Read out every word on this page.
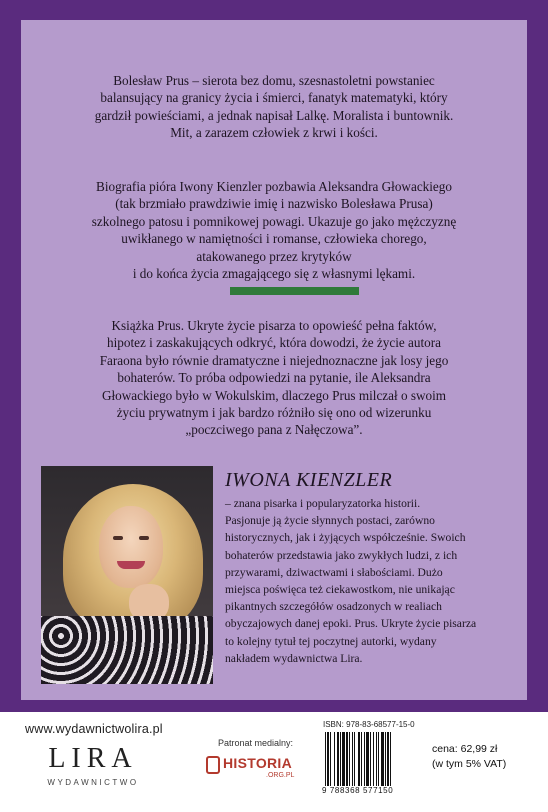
Bolesław Prus – sierota bez domu, szesnastoletni powstaniec
balansujący na granicy życia i śmierci, fanatyk matematyki, który
gardził powieściami, a jednak napisał Lalkę. Moralista i buntownik.
Mit, a zarazem człowiek z krwi i kości.
Biografia pióra Iwony Kienzler pozbawia Aleksandra Głowackiego
(tak brzmiało prawdziwie imię i nazwisko Bolesława Prusa)
szkolnego patosu i pomnikowej powagi. Ukazuje go jako mężczyznę
uwikłanego w namiętności i romanse, człowieka chorego,
atakowanego przez krytyków
i do końca życia zmagającego się z własnymi lękami.
Książka Prus. Ukryte życie pisarza to opowieść pełna faktów,
hipotez i zaskakujących odkryć, która dowodzi, że życie autora
Faraona było równie dramatyczne i niejednoznaczne jak losy jego
bohaterów. To próba odpowiedzi na pytanie, ile Aleksandra
Głowackiego było w Wokulskim, dlaczego Prus milczał o swoim
życiu prywatnym i jak bardzo różniło się ono od wizerunku
„poczciwego pana z Nałęczowa”.
IWONA KIENZLER
– znana pisarka i popularyzatorka historii.
Pasjonuje ją życie słynnych postaci, zarówno
historycznych, jak i żyjących współcześnie. Swoich
bohaterów przedstawia jako zwykłych ludzi, z ich
przywarami, dziwactwami i słabościami. Dużo
miejsca poświęca też ciekawostkom, nie unikając
pikantnych szczegółów osadzonych w realiach
obyczajowych danej epoki. Prus. Ukryte życie pisarza
to kolejny tytuł tej poczytnej autorki, wydany
nakładem wydawnictwa Lira.
www.wydawnictwolira.pl
LIRA
WYDAWNICTWO
Patronat medialny:
HISTORIA
.ORG.PL
ISBN: 978-83-68577-15-0
9 788368 577150
cena: 62,99 zł
(w tym 5% VAT)
